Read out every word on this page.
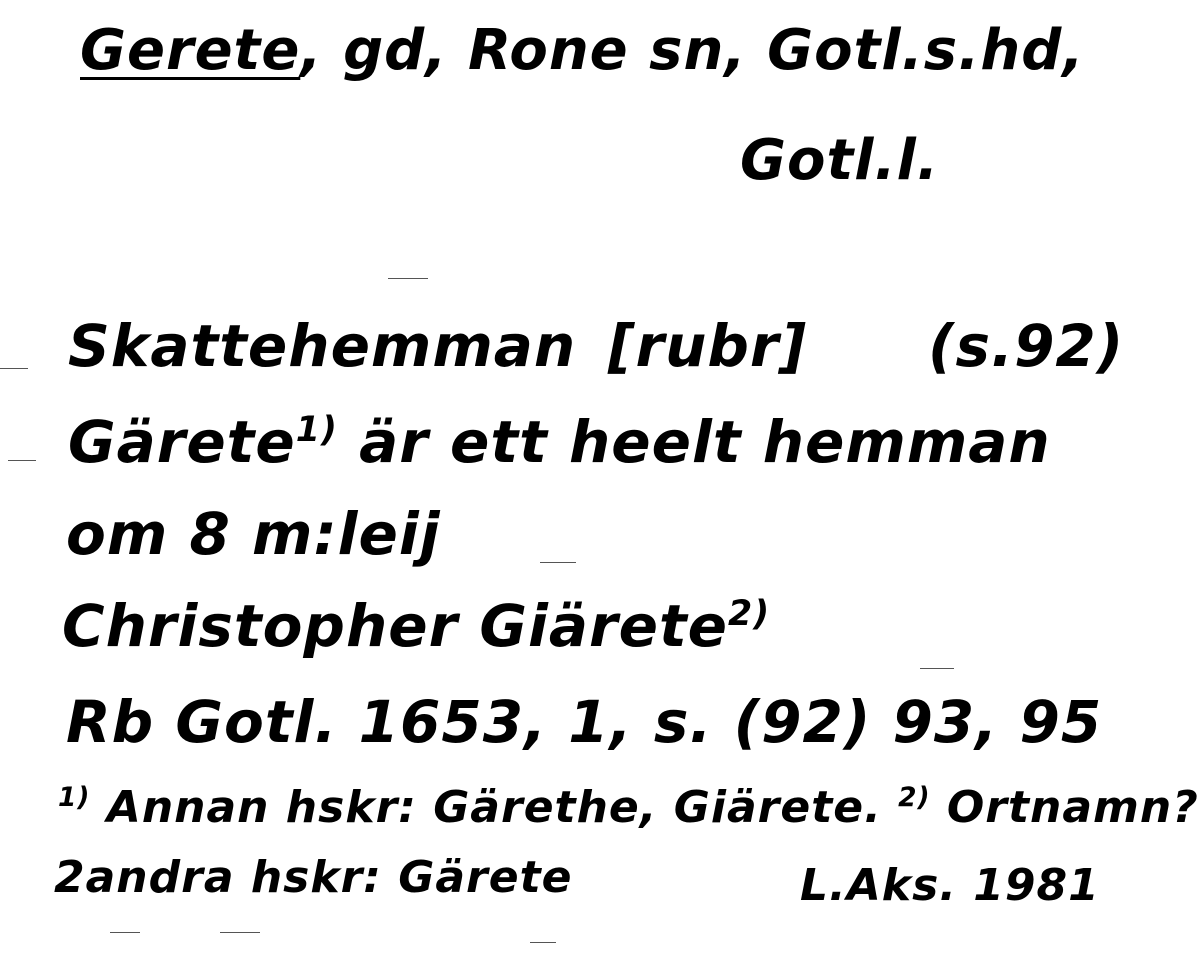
Gerete, gd, Rone sn, Gotl.s.hd,
Gotl.l.
Skattehemman [rubr] (s.92)
Gärete$^{1)}$ är ett heelt hemman
om 8 m:leij
Christopher Giärete$^{2)}$
Rb Gotl. 1653, 1, s. (92) 93, 95
$^{1)}$ Annan hskr: Gärethe, Giärete. $^{2)}$ Ortnamn?
2andra hskr: Gärete	L.Aks. 1981
